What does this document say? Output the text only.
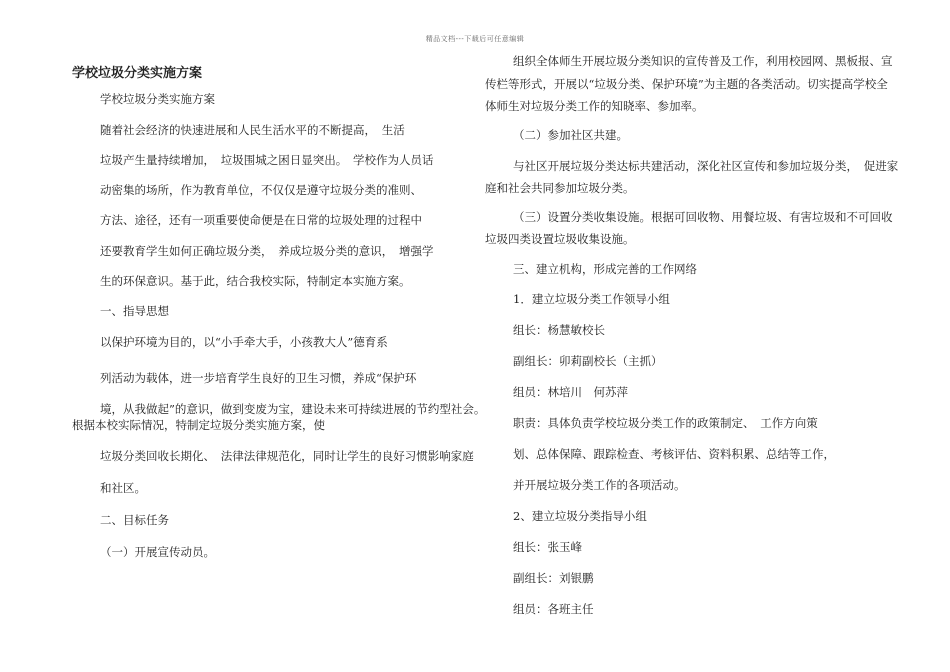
精品文档---下载后可任意编辑

学校垃圾分类实施方案

学校垃圾分类实施方案

随着社会经济的快速进展和人民生活水平的不断提高，　生活

垃圾产生量持续增加，　垃圾围城之困日显突出。　学校作为人员话

动密集的场所，作为教育单位，不仅仅是遵守垃圾分类的准则、

方法、途径，还有一项重要使命便是在日常的垃圾处理的过程中

还要教育学生如何正确垃圾分类，　养成垃圾分类的意识，　增强学

生的环保意识。基于此，结合我校实际，特制定本实施方案。

一、指导思想

以保护环境为目的，以“小手牵大手，小孩教大人”德育系

列活动为载体，进一步培育学生良好的卫生习惯，养成“保护环

境，从我做起”的意识，做到变废为宝，建设未来可持续进展的节约型社会。

根据本校实际情况，特制定垃圾分类实施方案，使

垃圾分类回收长期化、　法律法律规范化，同时让学生的良好习惯影响家庭

和社区。

二、目标任务

（一）开展宣传动员。

组织全体师生开展垃圾分类知识的宣传普及工作，利用校园网、黑板报、宣

传栏等形式，开展以“垃圾分类、保护环境”为主题的各类活动。切实提高学校全

体师生对垃圾分类工作的知晓率、参加率。

（二）参加社区共建。

与社区开展垃圾分类达标共建活动，深化社区宣传和参加垃圾分类，　促进家

庭和社会共同参加垃圾分类。

（三）设置分类收集设施。根据可回收物、用餐垃圾、有害垃圾和不可回收

垃圾四类设置垃圾收集设施。

三、建立机构，形成完善的工作网络

1．建立垃圾分类工作领导小组

组长：杨慧敏校长

副组长：卯莉副校长（主抓）

组员：林培川　何苏萍

职责：具体负责学校垃圾分类工作的政策制定、　工作方向策

划、总体保障、跟踪检查、考核评估、资料积累、总结等工作，

并开展垃圾分类工作的各项活动。

2、建立垃圾分类指导小组

组长：张玉峰

副组长：刘银鹏

组员：各班主任
